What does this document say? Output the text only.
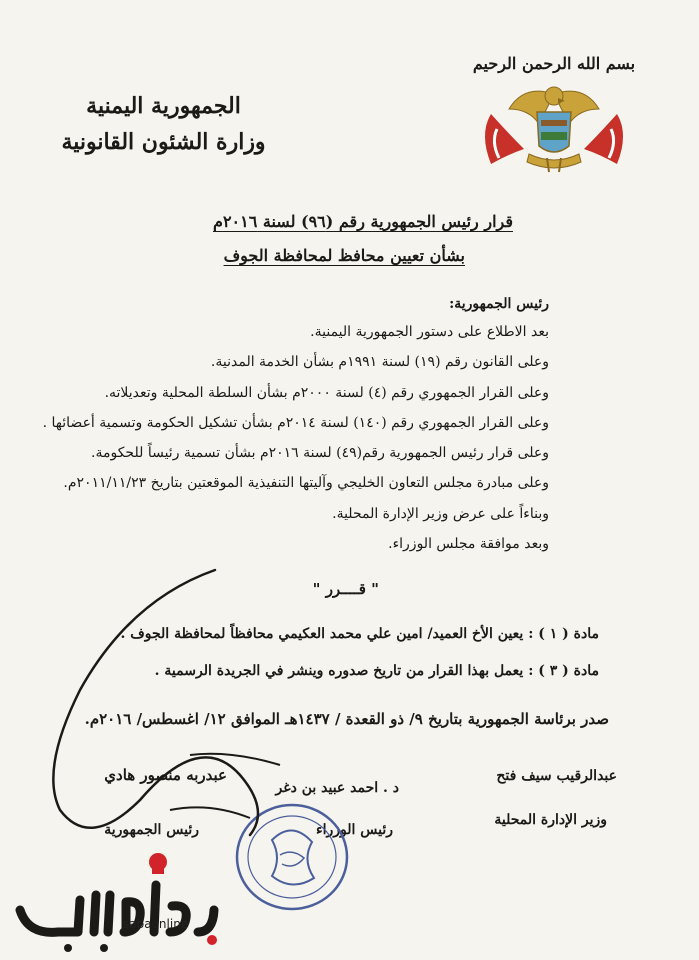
بسم الله الرحمن الرحيم
الجمهورية اليمنية
وزارة الشئون القانونية
قرار رئيس الجمهورية رقم (٩٦) لسنة ٢٠١٦م
بشأن تعيين محافظ لمحافظة الجوف
رئيس الجمهورية:
بعد الاطلاع على دستور الجمهورية اليمنية.
وعلى القانون رقم (١٩) لسنة ١٩٩١م بشأن الخدمة المدنية.
وعلى القرار الجمهوري رقم (٤) لسنة ٢٠٠٠م بشأن السلطة المحلية وتعديلاته.
وعلى القرار الجمهوري رقم (١٤٠) لسنة ٢٠١٤م بشأن تشكيل الحكومة وتسمية أعضائها .
وعلى قرار رئيس الجمهورية رقم(٤٩) لسنة ٢٠١٦م بشأن تسمية رئيساً للحكومة.
وعلى مبادرة مجلس التعاون الخليجي وآليتها التنفيذية الموقعتين بتاريخ ٢٠١١/١١/٢٣م.
وبناءاً على عرض وزير الإدارة المحلية.
وبعد موافقة مجلس الوزراء.
" قــــرر "
مادة ( ١ ) : يعين الأخ العميد/ امين علي محمد العكيمي محافظاً لمحافظة الجوف .
مادة ( ٣ ) : يعمل بهذا القرار من تاريخ صدوره وينشر في الجريدة الرسمية .
صدر برئاسة الجمهورية بتاريخ ٩/ ذو القعدة / ١٤٣٧هـ الموافق ١٢/ اغسطس/ ٢٠١٦م.
عبدالرقيب سيف فتح
وزير الإدارة المحلية
د . احمد عبيد بن دغر
رئيس الوزراء
عبدربه منصور هادي
رئيس الجمهورية
sabaonline
